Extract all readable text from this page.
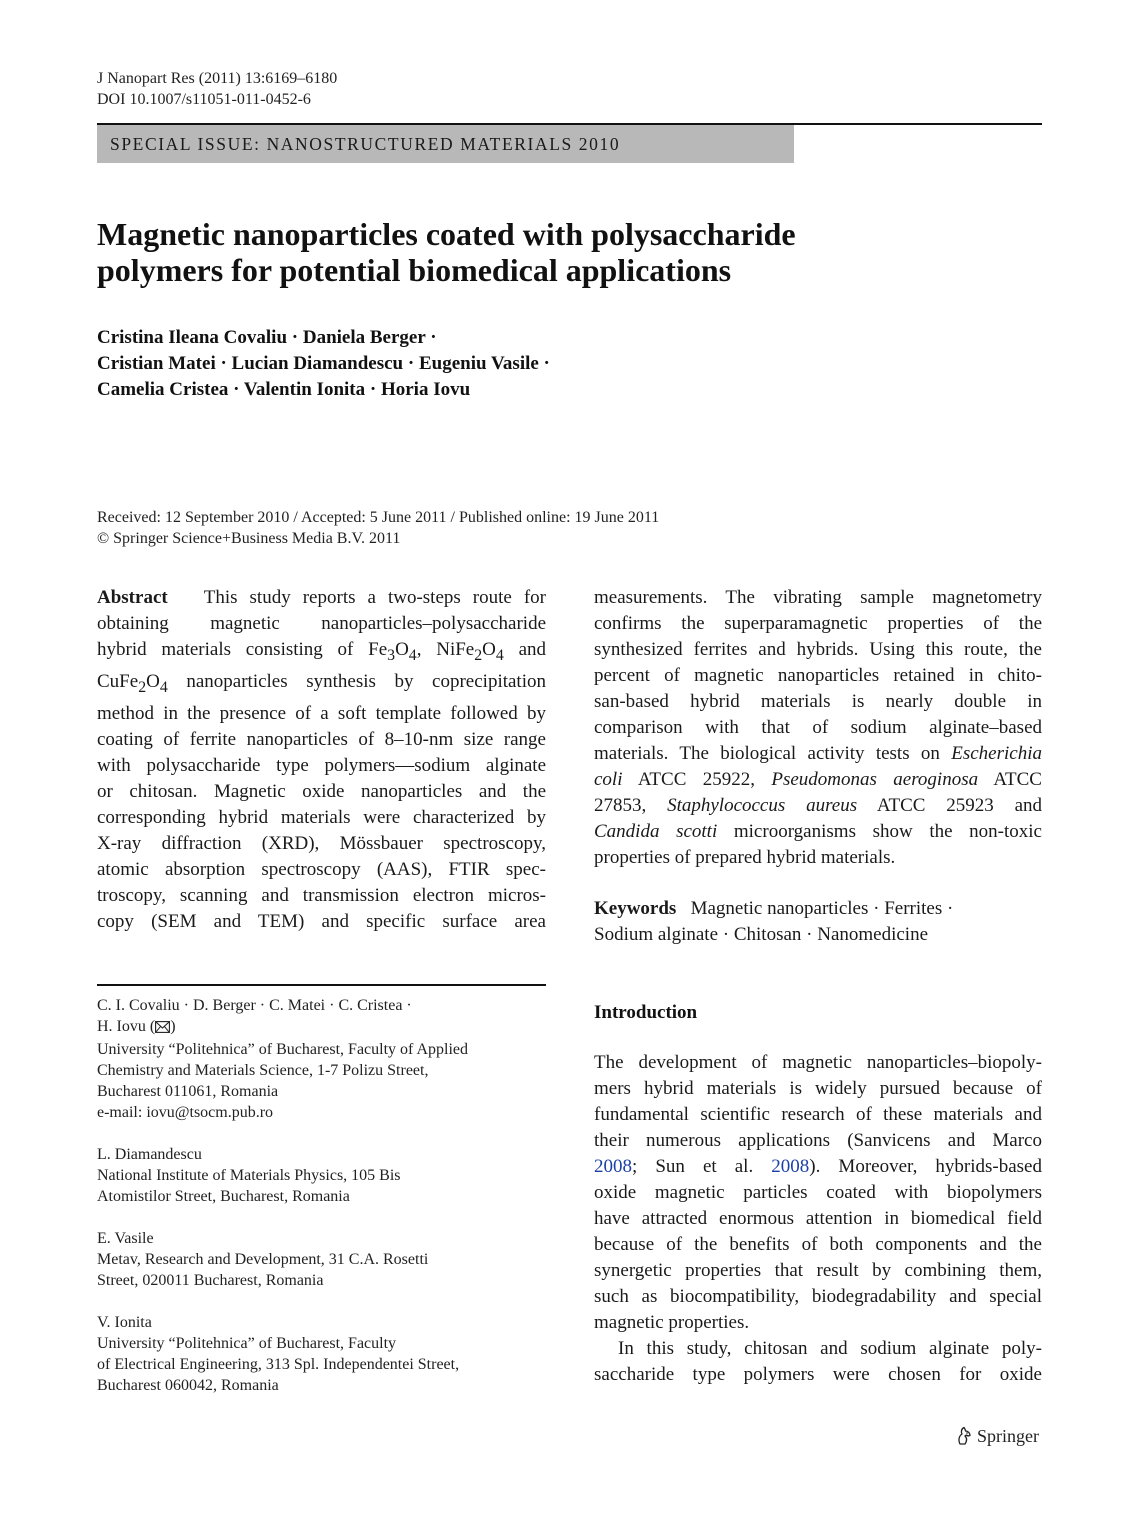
J Nanopart Res (2011) 13:6169–6180
DOI 10.1007/s11051-011-0452-6
SPECIAL ISSUE: NANOSTRUCTURED MATERIALS 2010
Magnetic nanoparticles coated with polysaccharide
polymers for potential biomedical applications
Cristina Ileana Covaliu · Daniela Berger ·
Cristian Matei · Lucian Diamandescu · Eugeniu Vasile ·
Camelia Cristea · Valentin Ionita · Horia Iovu
Received: 12 September 2010 / Accepted: 5 June 2011 / Published online: 19 June 2011
© Springer Science+Business Media B.V. 2011
Abstract This study reports a two-steps route for
obtaining magnetic nanoparticles–polysaccharide
hybrid materials consisting of $Fe_3O_4$, $NiFe_2O_4$ and
$CuFe_2O_4$ nanoparticles synthesis by coprecipitation
method in the presence of a soft template followed by
coating of ferrite nanoparticles of 8–10-nm size range
with polysaccharide type polymers—sodium alginate
or chitosan. Magnetic oxide nanoparticles and the
corresponding hybrid materials were characterized by
X-ray diffraction (XRD), Mössbauer spectroscopy,
atomic absorption spectroscopy (AAS), FTIR spec-
troscopy, scanning and transmission electron micros-
copy (SEM and TEM) and specific surface area
measurements. The vibrating sample magnetometry
confirms the superparamagnetic properties of the
synthesized ferrites and hybrids. Using this route, the
percent of magnetic nanoparticles retained in chito-
san-based hybrid materials is nearly double in
comparison with that of sodium alginate–based
materials. The biological activity tests on Escherichia
coli ATCC 25922, Pseudomonas aeroginosa ATCC
27853, Staphylococcus aureus ATCC 25923 and
Candida scotti microorganisms show the non-toxic
properties of prepared hybrid materials.
Keywords Magnetic nanoparticles · Ferrites ·
Sodium alginate · Chitosan · Nanomedicine
Introduction
The development of magnetic nanoparticles–biopoly-
mers hybrid materials is widely pursued because of
fundamental scientific research of these materials and
their numerous applications (Sanvicens and Marco
2008; Sun et al. 2008). Moreover, hybrids-based
oxide magnetic particles coated with biopolymers
have attracted enormous attention in biomedical field
because of the benefits of both components and the
synergetic properties that result by combining them,
such as biocompatibility, biodegradability and special
magnetic properties.
In this study, chitosan and sodium alginate poly-
saccharide type polymers were chosen for oxide
C. I. Covaliu · D. Berger · C. Matei · C. Cristea ·
H. Iovu ( )
University “Politehnica” of Bucharest, Faculty of Applied
Chemistry and Materials Science, 1-7 Polizu Street,
Bucharest 011061, Romania
e-mail: iovu@tsocm.pub.ro
L. Diamandescu
National Institute of Materials Physics, 105 Bis
Atomistilor Street, Bucharest, Romania
E. Vasile
Metav, Research and Development, 31 C.A. Rosetti
Street, 020011 Bucharest, Romania
V. Ionita
University “Politehnica” of Bucharest, Faculty
of Electrical Engineering, 313 Spl. Independentei Street,
Bucharest 060042, Romania
Springer
